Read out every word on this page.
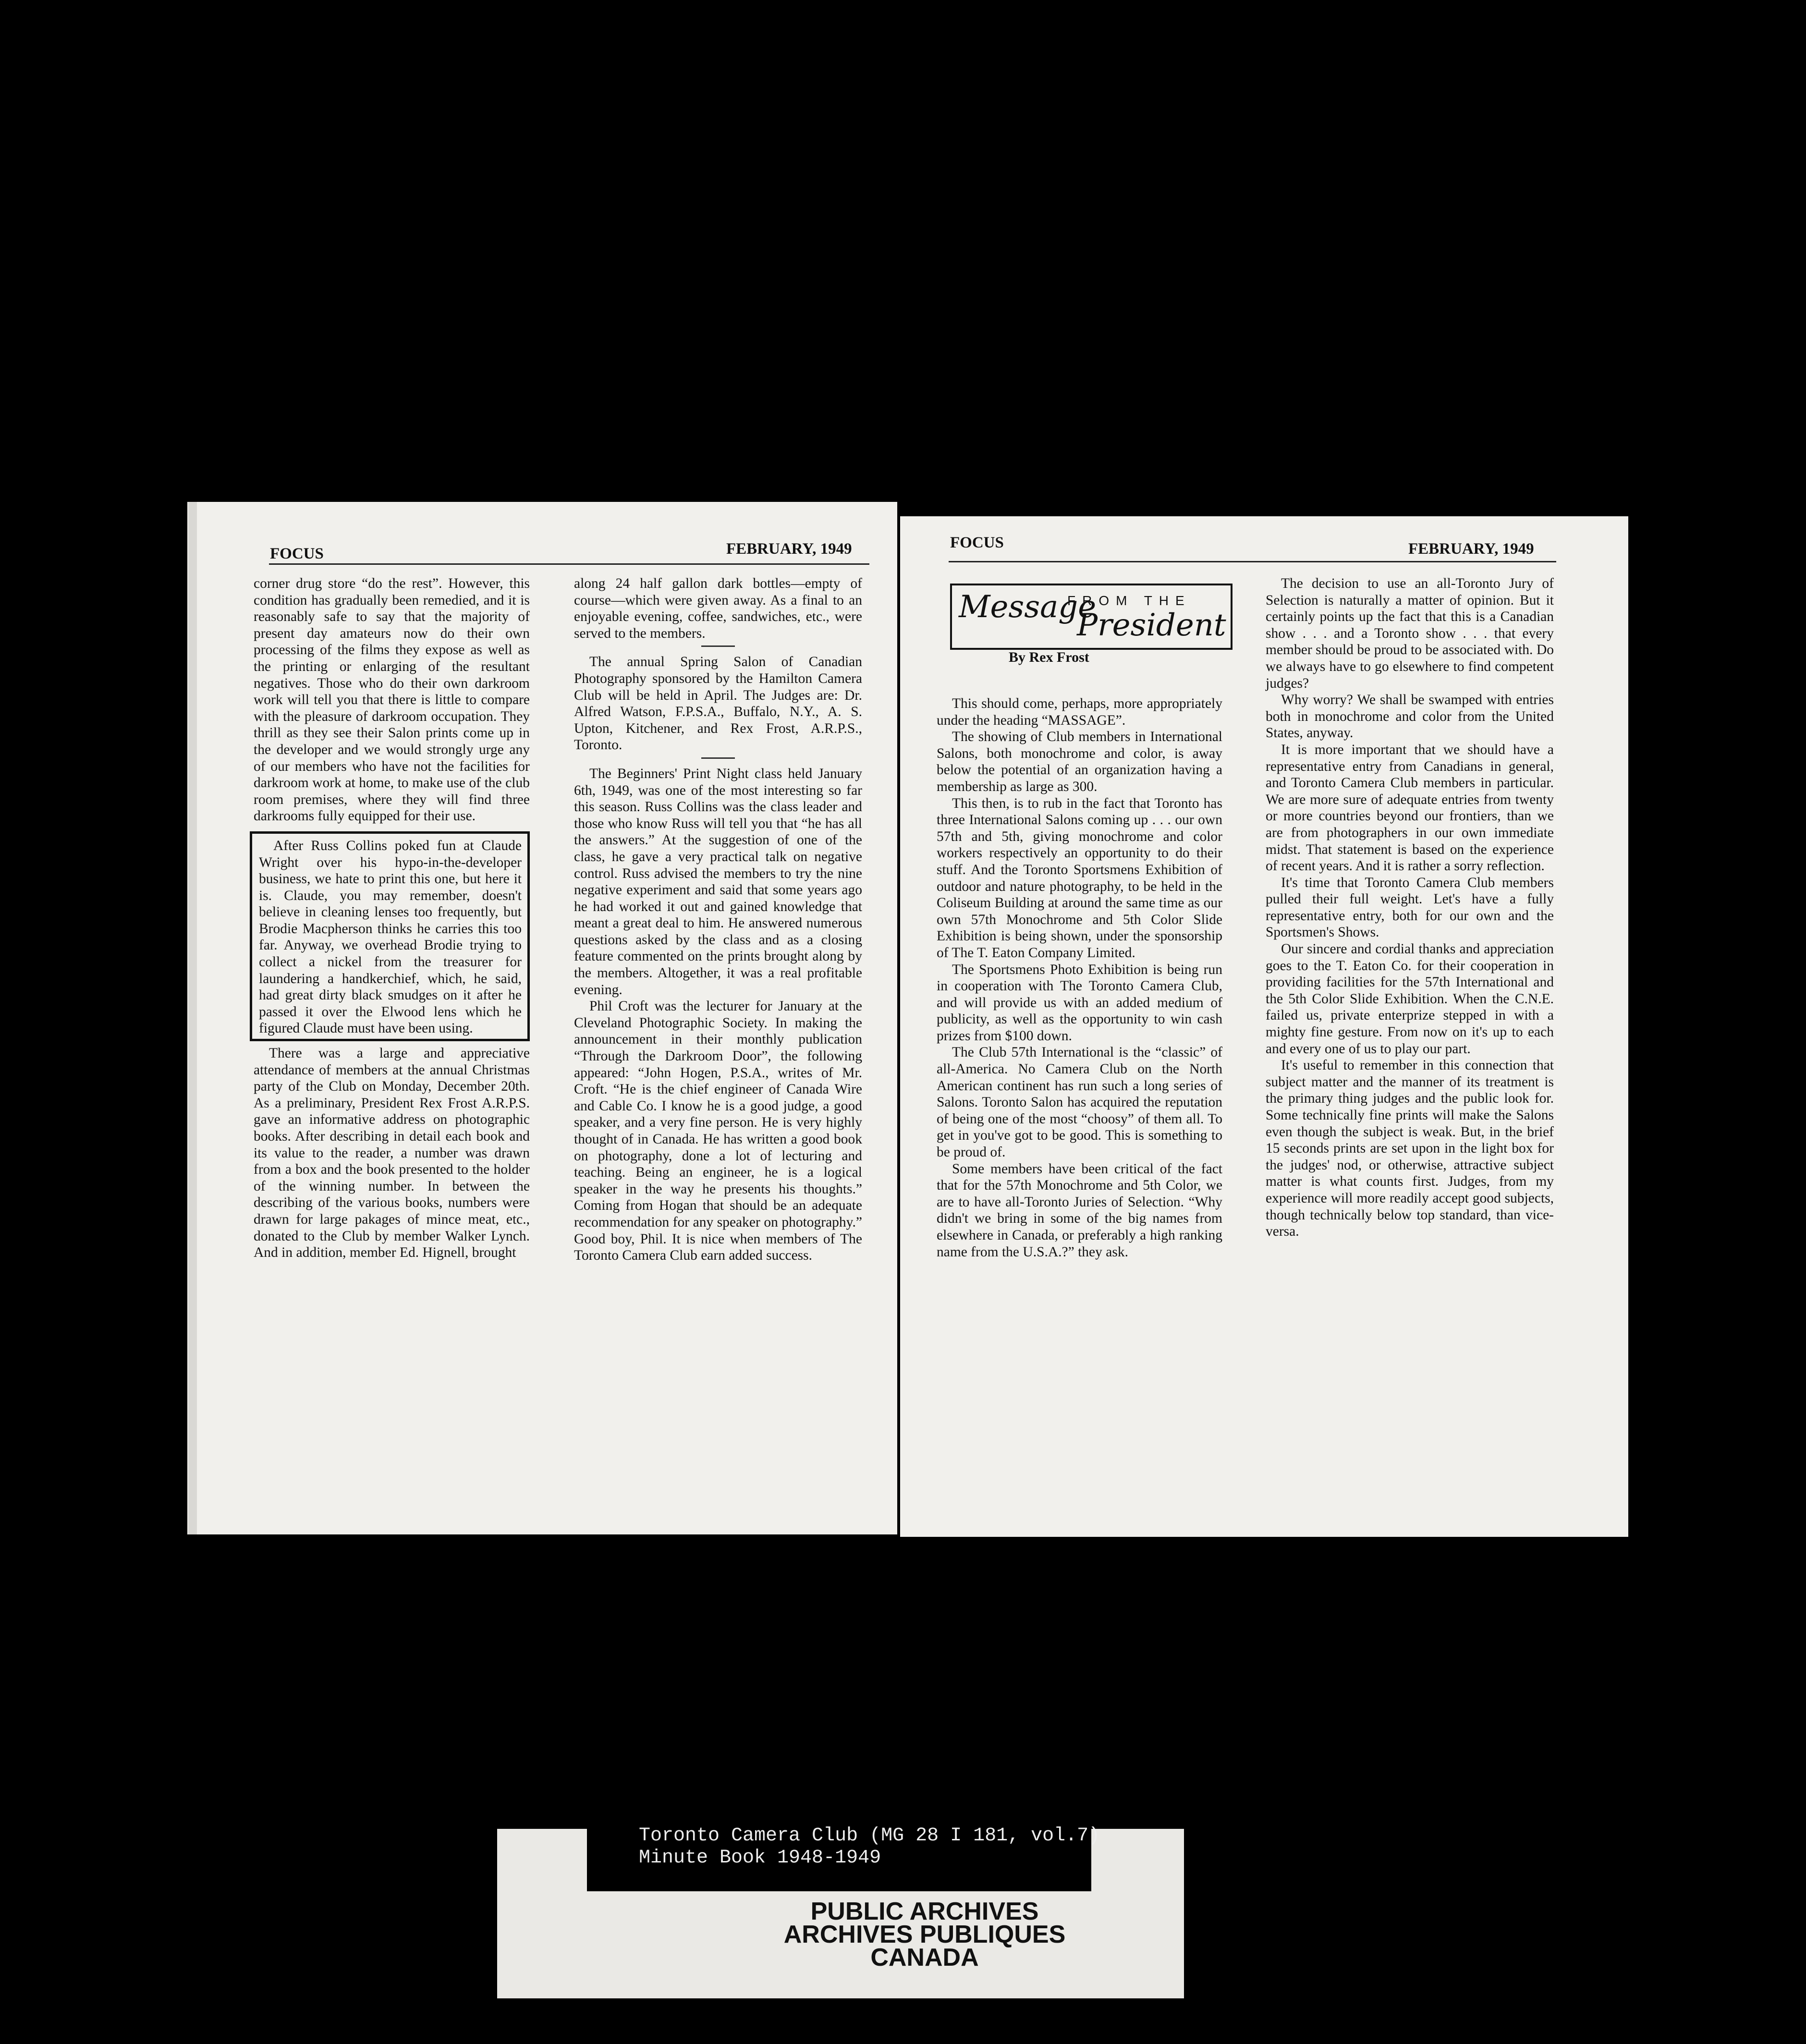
FOCUS	FEBRUARY, 1949

corner drug store “do the rest”. However, this condition has gradually been remedied, and it is reasonably safe to say that the majority of present day amateurs now do their own processing of the films they expose as well as the printing or enlarging of the resultant negatives. Those who do their own darkroom work will tell you that there is little to compare with the pleasure of darkroom occupation. They thrill as they see their Salon prints come up in the developer and we would strongly urge any of our members who have not the facilities for darkroom work at home, to make use of the club room premises, where they will find three darkrooms fully equipped for their use.

After Russ Collins poked fun at Claude Wright over his hypo-in-the-developer business, we hate to print this one, but here it is. Claude, you may remember, doesn't believe in cleaning lenses too frequently, but Brodie Macpherson thinks he carries this too far. Anyway, we overhead Brodie trying to collect a nickel from the treasurer for laundering a handkerchief, which, he said, had great dirty black smudges on it after he passed it over the Elwood lens which he figured Claude must have been using.

There was a large and appreciative attendance of members at the annual Christmas party of the Club on Monday, December 20th. As a preliminary, President Rex Frost A.R.P.S. gave an informative address on photographic books. After describing in detail each book and its value to the reader, a number was drawn from a box and the book presented to the holder of the winning number. In between the describing of the various books, numbers were drawn for large pakages of mince meat, etc., donated to the Club by member Walker Lynch. And in addition, member Ed. Hignell, brought

along 24 half gallon dark bottles—empty of course—which were given away. As a final to an enjoyable evening, coffee, sandwiches, etc., were served to the members.

The annual Spring Salon of Canadian Photography sponsored by the Hamilton Camera Club will be held in April. The Judges are: Dr. Alfred Watson, F.P.S.A., Buffalo, N.Y., A. S. Upton, Kitchener, and Rex Frost, A.R.P.S., Toronto.

The Beginners' Print Night class held January 6th, 1949, was one of the most interesting so far this season. Russ Collins was the class leader and those who know Russ will tell you that “he has all the answers.” At the suggestion of one of the class, he gave a very practical talk on negative control. Russ advised the members to try the nine negative experiment and said that some years ago he had worked it out and gained knowledge that meant a great deal to him. He answered numerous questions asked by the class and as a closing feature commented on the prints brought along by the members. Altogether, it was a real profitable evening.

Phil Croft was the lecturer for January at the Cleveland Photographic Society. In making the announcement in their monthly publication “Through the Darkroom Door”, the following appeared: “John Hogen, P.S.A., writes of Mr. Croft. “He is the chief engineer of Canada Wire and Cable Co. I know he is a good judge, a good speaker, and a very fine person. He is very highly thought of in Canada. He has written a good book on photography, done a lot of lecturing and teaching. Being an engineer, he is a logical speaker in the way he presents his thoughts.” Coming from Hogan that should be an adequate recommendation for any speaker on photography.” Good boy, Phil. It is nice when members of The Toronto Camera Club earn added success.

FOCUS	FEBRUARY, 1949
Message
FROM THE
President
By Rex Frost

This should come, perhaps, more appropriately under the heading “MASSAGE”.

The showing of Club members in International Salons, both monochrome and color, is away below the potential of an organization having a membership as large as 300.

This then, is to rub in the fact that Toronto has three International Salons coming up . . . our own 57th and 5th, giving monochrome and color workers respectively an opportunity to do their stuff. And the Toronto Sportsmens Exhibition of outdoor and nature photography, to be held in the Coliseum Building at around the same time as our own 57th Monochrome and 5th Color Slide Exhibition is being shown, under the sponsorship of The T. Eaton Company Limited.

The Sportsmens Photo Exhibition is being run in cooperation with The Toronto Camera Club, and will provide us with an added medium of publicity, as well as the opportunity to win cash prizes from $100 down.

The Club 57th International is the “classic” of all-America. No Camera Club on the North American continent has run such a long series of Salons. Toronto Salon has acquired the reputation of being one of the most “choosy” of them all. To get in you've got to be good. This is something to be proud of.

Some members have been critical of the fact that for the 57th Monochrome and 5th Color, we are to have all-Toronto Juries of Selection. “Why didn't we bring in some of the big names from elsewhere in Canada, or preferably a high ranking name from the U.S.A.?” they ask.

The decision to use an all-Toronto Jury of Selection is naturally a matter of opinion. But it certainly points up the fact that this is a Canadian show . . . and a Toronto show . . . that every member should be proud to be associated with. Do we always have to go elsewhere to find competent judges?

Why worry? We shall be swamped with entries both in monochrome and color from the United States, anyway.

It is more important that we should have a representative entry from Canadians in general, and Toronto Camera Club members in particular. We are more sure of adequate entries from twenty or more countries beyond our frontiers, than we are from photographers in our own immediate midst. That statement is based on the experience of recent years. And it is rather a sorry reflection.

It's time that Toronto Camera Club members pulled their full weight. Let's have a fully representative entry, both for our own and the Sportsmen's Shows.

Our sincere and cordial thanks and appreciation goes to the T. Eaton Co. for their cooperation in providing facilities for the 57th International and the 5th Color Slide Exhibition. When the C.N.E. failed us, private enterprize stepped in with a mighty fine gesture. From now on it's up to each and every one of us to play our part.

It's useful to remember in this connection that subject matter and the manner of its treatment is the primary thing judges and the public look for. Some technically fine prints will make the Salons even though the subject is weak. But, in the brief 15 seconds prints are set upon in the light box for the judges' nod, or otherwise, attractive subject matter is what counts first. Judges, from my experience will more readily accept good subjects, though technically below top standard, than vice-versa.

Toronto Camera Club (MG 28 I 181, vol.7)
Minute Book 1948-1949
PUBLIC ARCHIVES
ARCHIVES PUBLIQUES
CANADA
